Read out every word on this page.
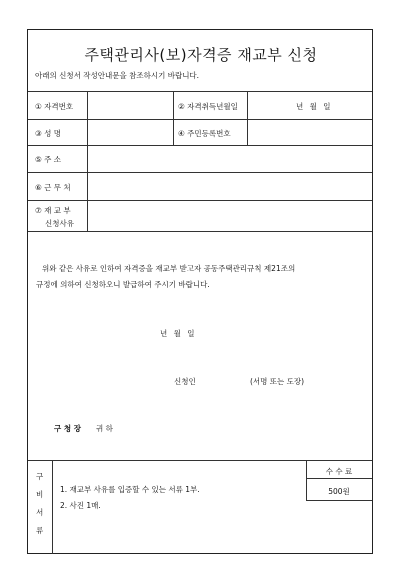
주택관리사(보)자격증 재교부 신청
아래의 신청서 작성안내문을 참조하시기 바랍니다.
① 자격번호	② 자격취득년월일	년 월 일
③ 성 명	④ 주민등록번호
⑤ 주 소
⑥ 근 무 처
⑦ 재 교 부
신청사유
위와 같은 사유로 인하여 자격증을 재교부 받고자 공동주택관리규칙 제21조의
규정에 의하여 신청하오니 발급하여 주시기 바랍니다.
년 월 일
신청인	(서명 또는 도장)
구 청 장 귀 하
구
비
서
류
1. 재교부 사유를 입증할 수 있는 서류 1부.
2. 사진 1매.
수 수 료
500원
